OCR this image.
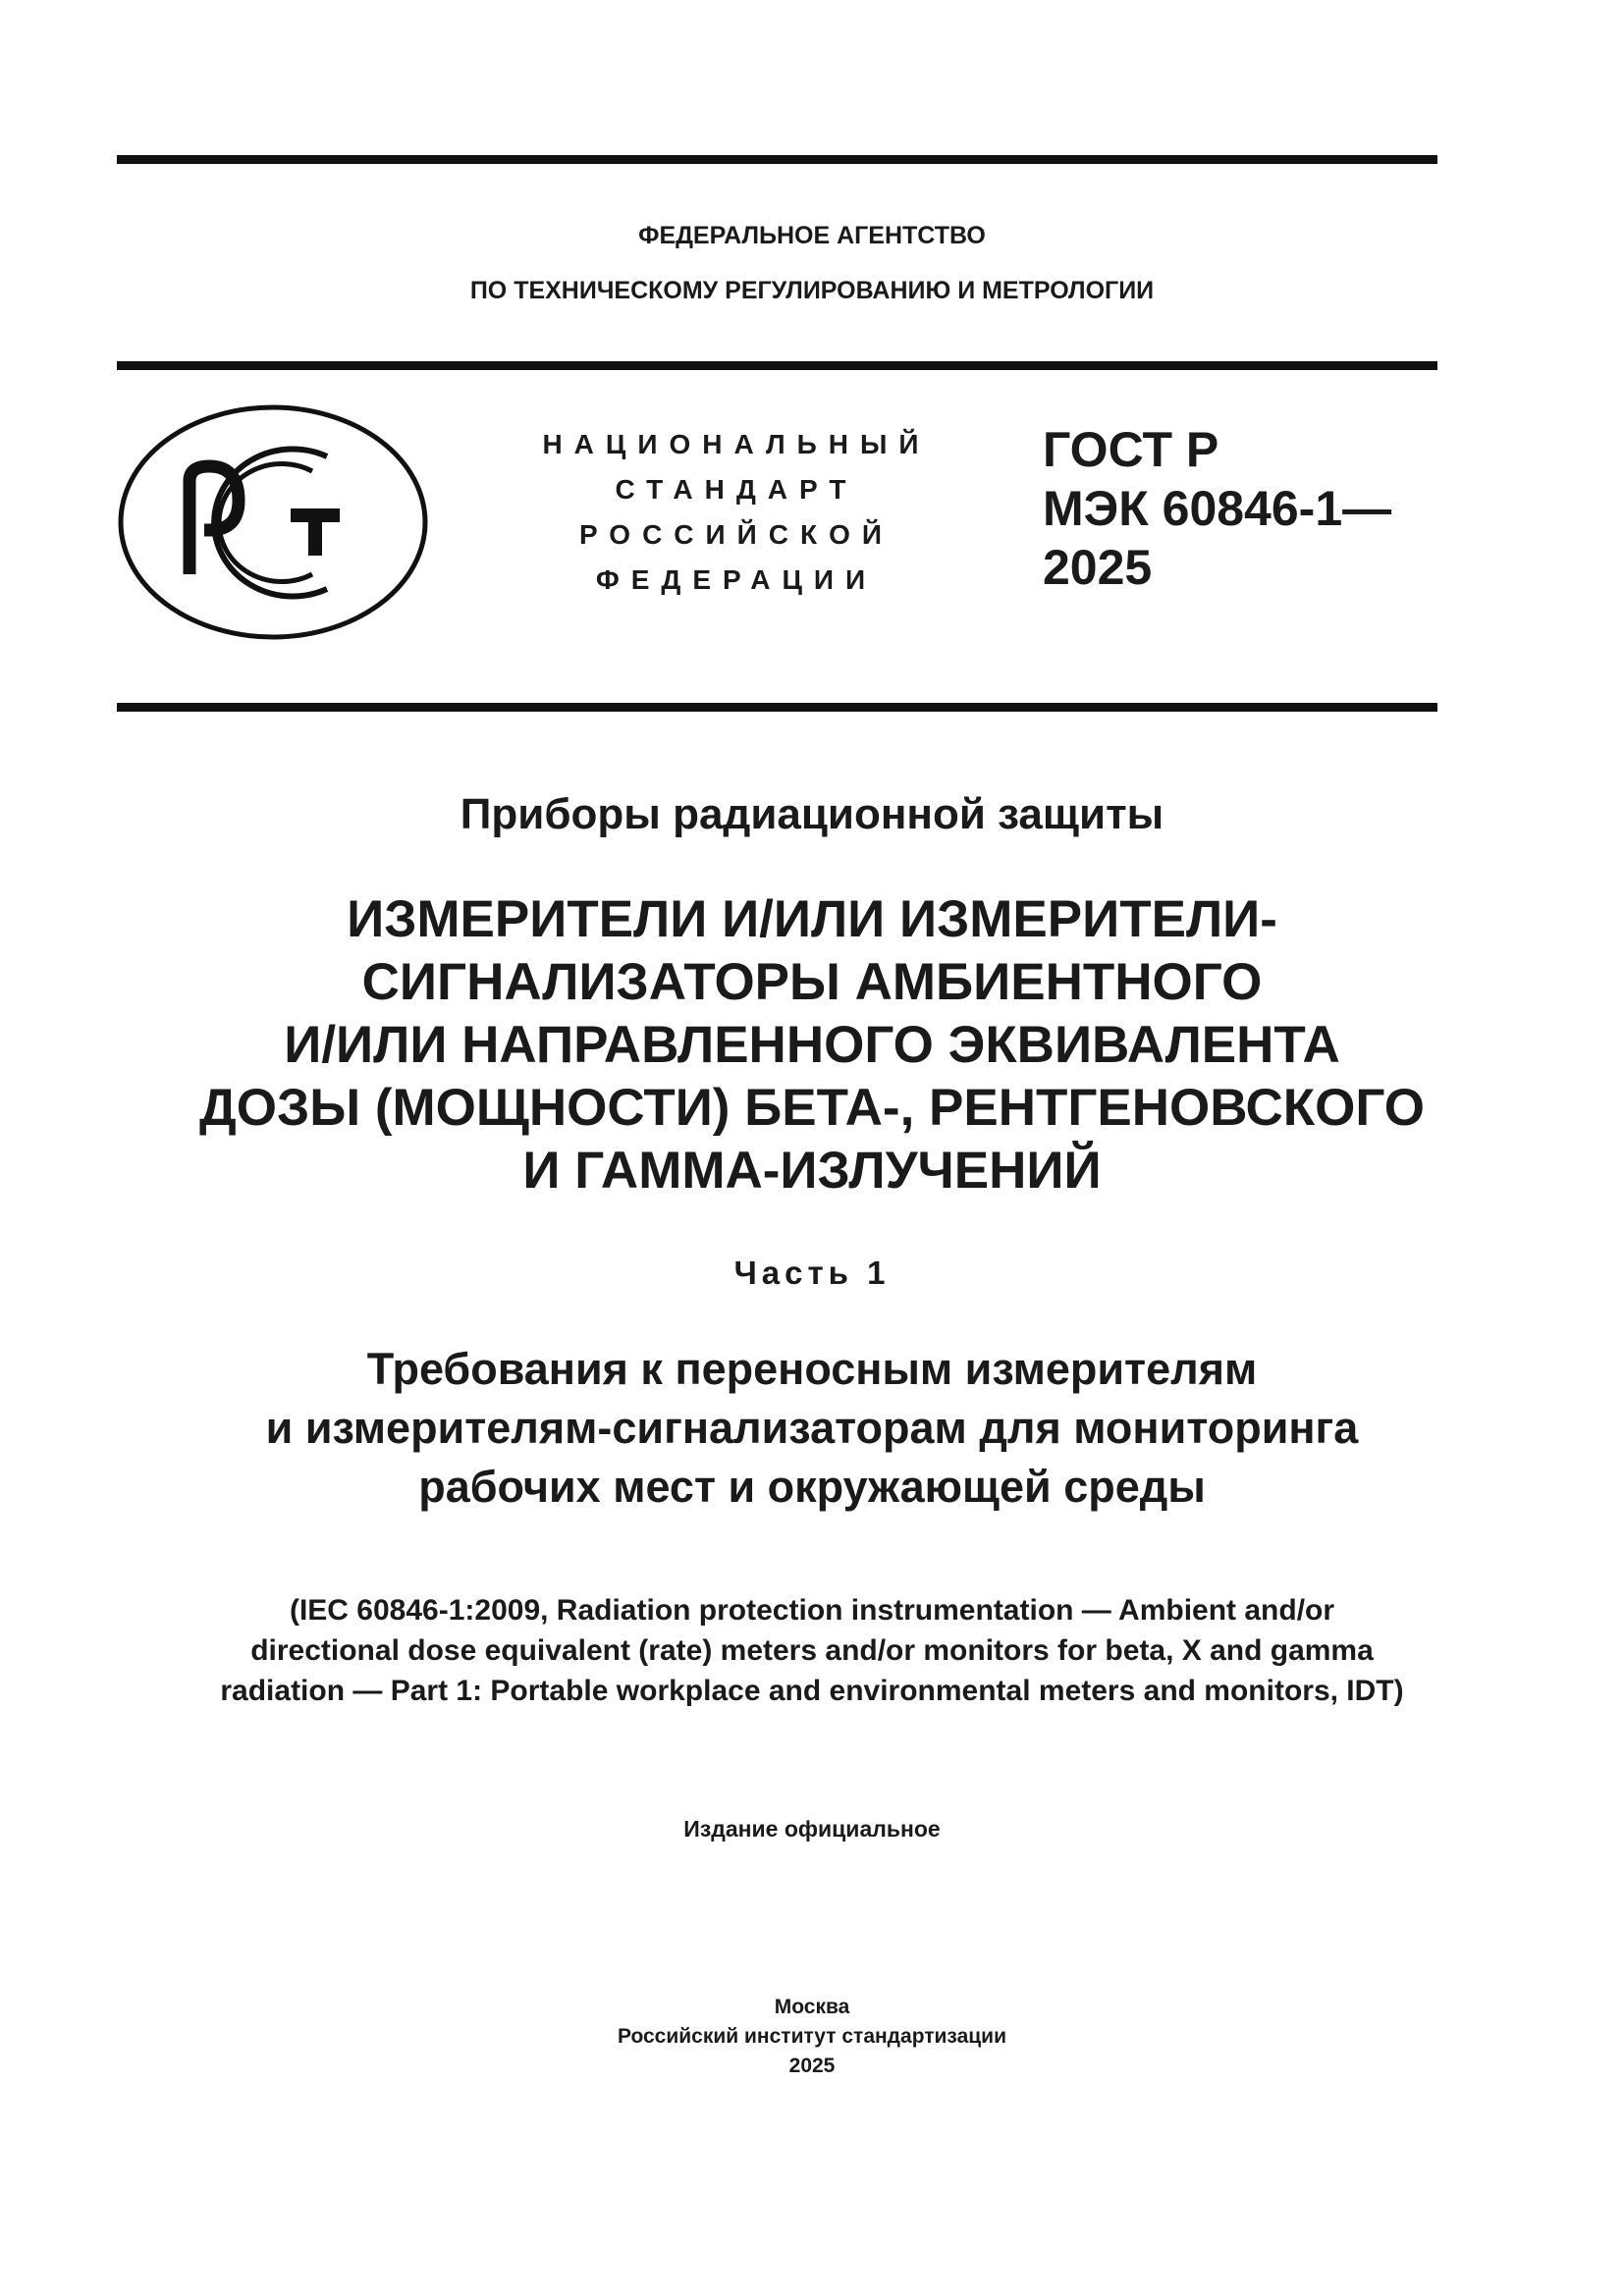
ФЕДЕРАЛЬНОЕ АГЕНТСТВО
ПО ТЕХНИЧЕСКОМУ РЕГУЛИРОВАНИЮ И МЕТРОЛОГИИ
НАЦИОНАЛЬНЫЙ
СТАНДАРТ
РОССИЙСКОЙ
ФЕДЕРАЦИИ
ГОСТ Р
МЭК 60846-1—
2025
Приборы радиационной защиты
ИЗМЕРИТЕЛИ И/ИЛИ ИЗМЕРИТЕЛИ-
СИГНАЛИЗАТОРЫ АМБИЕНТНОГО
И/ИЛИ НАПРАВЛЕННОГО ЭКВИВАЛЕНТА
ДОЗЫ (МОЩНОСТИ) БЕТА-, РЕНТГЕНОВСКОГО
И ГАММА-ИЗЛУЧЕНИЙ
Часть 1
Требования к переносным измерителям
и измерителям-сигнализаторам для мониторинга
рабочих мест и окружающей среды
(IEC 60846-1:2009, Radiation protection instrumentation — Ambient and/or
directional dose equivalent (rate) meters and/or monitors for beta, X and gamma
radiation — Part 1: Portable workplace and environmental meters and monitors, IDT)
Издание официальное
Москва
Российский институт стандартизации
2025
